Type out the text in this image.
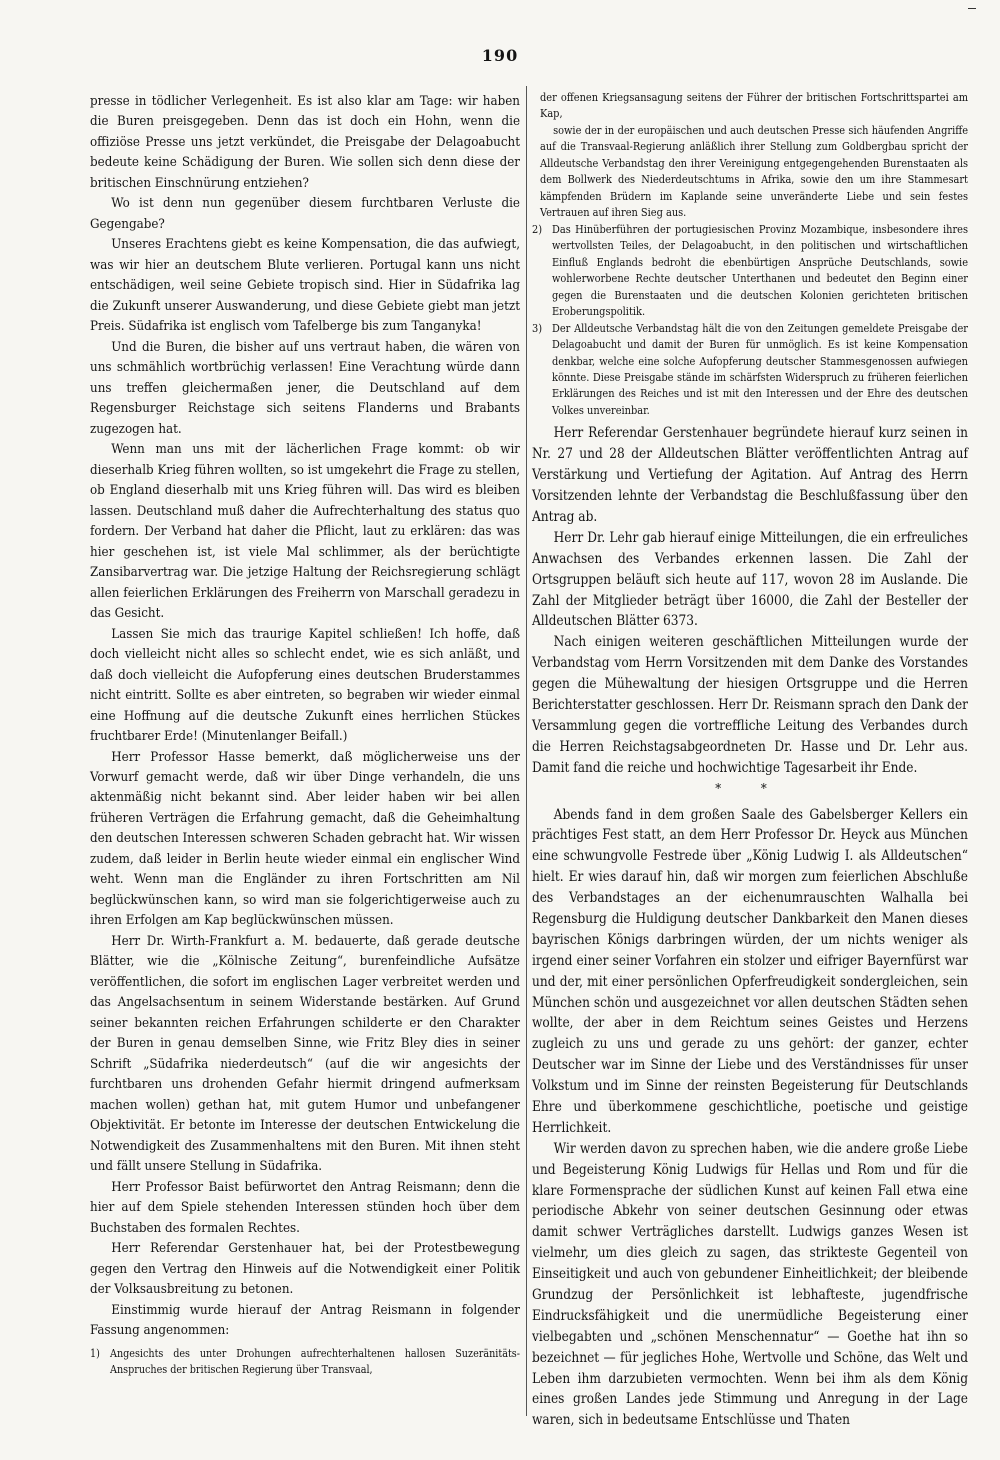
190

presse in tödlicher Verlegenheit. Es ist also klar am Tage: wir haben die Buren preisgegeben. Denn das ist doch ein Hohn, wenn die offiziöse Presse uns jetzt verkündet, die Preisgabe der Delagoabucht bedeute keine Schädigung der Buren. Wie sollen sich denn diese der britischen Einschnürung entziehen?

Wo ist denn nun gegenüber diesem furchtbaren Verluste die Gegengabe?

Unseres Erachtens giebt es keine Kompensation, die das aufwiegt, was wir hier an deutschem Blute verlieren. Portugal kann uns nicht entschädigen, weil seine Gebiete tropisch sind. Hier in Südafrika lag die Zukunft unserer Auswanderung, und diese Gebiete giebt man jetzt Preis. Südafrika ist englisch vom Tafelberge bis zum Tanganyka!

Und die Buren, die bisher auf uns vertraut haben, die wären von uns schmählich wortbrüchig verlassen! Eine Verachtung würde dann uns treffen gleichermaßen jener, die Deutschland auf dem Regensburger Reichstage sich seitens Flanderns und Brabants zugezogen hat.

Wenn man uns mit der lächerlichen Frage kommt: ob wir dieserhalb Krieg führen wollten, so ist umgekehrt die Frage zu stellen, ob England dieserhalb mit uns Krieg führen will. Das wird es bleiben lassen. Deutschland muß daher die Aufrechterhaltung des status quo fordern. Der Verband hat daher die Pflicht, laut zu erklären: das was hier geschehen ist, ist viele Mal schlimmer, als der berüchtigte Zansibarvertrag war. Die jetzige Haltung der Reichsregierung schlägt allen feierlichen Erklärungen des Freiherrn von Marschall geradezu in das Gesicht.

Lassen Sie mich das traurige Kapitel schließen! Ich hoffe, daß doch vielleicht nicht alles so schlecht endet, wie es sich anläßt, und daß doch vielleicht die Aufopferung eines deutschen Bruderstammes nicht eintritt. Sollte es aber eintreten, so begraben wir wieder einmal eine Hoffnung auf die deutsche Zukunft eines herrlichen Stückes fruchtbarer Erde! (Minutenlanger Beifall.)

Herr Professor Hasse bemerkt, daß möglicherweise uns der Vorwurf gemacht werde, daß wir über Dinge verhandeln, die uns aktenmäßig nicht bekannt sind. Aber leider haben wir bei allen früheren Verträgen die Erfahrung gemacht, daß die Geheimhaltung den deutschen Interessen schweren Schaden gebracht hat. Wir wissen zudem, daß leider in Berlin heute wieder einmal ein englischer Wind weht. Wenn man die Engländer zu ihren Fortschritten am Nil beglückwünschen kann, so wird man sie folgerichtigerweise auch zu ihren Erfolgen am Kap beglückwünschen müssen.

Herr Dr. Wirth-Frankfurt a. M. bedauerte, daß gerade deutsche Blätter, wie die „Kölnische Zeitung“, burenfeindliche Aufsätze veröffentlichen, die sofort im englischen Lager verbreitet werden und das Angelsachsentum in seinem Widerstande bestärken. Auf Grund seiner bekannten reichen Erfahrungen schilderte er den Charakter der Buren in genau demselben Sinne, wie Fritz Bley dies in seiner Schrift „Südafrika niederdeutsch“ (auf die wir angesichts der furchtbaren uns drohenden Gefahr hiermit dringend aufmerksam machen wollen) gethan hat, mit gutem Humor und unbefangener Objektivität. Er betonte im Interesse der deutschen Entwickelung die Notwendigkeit des Zusammenhaltens mit den Buren. Mit ihnen steht und fällt unsere Stellung in Südafrika.

Herr Professor Baist befürwortet den Antrag Reismann; denn die hier auf dem Spiele stehenden Interessen stünden hoch über dem Buchstaben des formalen Rechtes.

Herr Referendar Gerstenhauer hat, bei der Protestbewegung gegen den Vertrag den Hinweis auf die Notwendigkeit einer Politik der Volksausbreitung zu betonen.

Einstimmig wurde hierauf der Antrag Reismann in folgender Fassung angenommen:

1) Angesichts des unter Drohungen aufrechterhaltenen hallosen Suzeränitäts-Anspruches der britischen Regierung über Transvaal,
der offenen Kriegsansagung seitens der Führer der britischen Fortschrittspartei am Kap,
sowie der in der europäischen und auch deutschen Presse sich häufenden Angriffe auf die Transvaal-Regierung anläßlich ihrer Stellung zum Goldbergbau spricht der Alldeutsche Verbandstag den ihrer Vereinigung entgegengehenden Burenstaaten als dem Bollwerk des Niederdeutschtums in Afrika, sowie den um ihre Stammesart kämpfenden Brüdern im Kaplande seine unveränderte Liebe und sein festes Vertrauen auf ihren Sieg aus.
2) Das Hinüberführen der portugiesischen Provinz Mozambique, insbesondere ihres wertvollsten Teiles, der Delagoabucht, in den politischen und wirtschaftlichen Einfluß Englands bedroht die ebenbürtigen Ansprüche Deutschlands, sowie wohlerworbene Rechte deutscher Unterthanen und bedeutet den Beginn einer gegen die Burenstaaten und die deutschen Kolonien gerichteten britischen Eroberungspolitik.
3) Der Alldeutsche Verbandstag hält die von den Zeitungen gemeldete Preisgabe der Delagoabucht und damit der Buren für unmöglich. Es ist keine Kompensation denkbar, welche eine solche Aufopferung deutscher Stammesgenossen aufwiegen könnte. Diese Preisgabe stände im schärfsten Widerspruch zu früheren feierlichen Erklärungen des Reiches und ist mit den Interessen und der Ehre des deutschen Volkes unvereinbar.

Herr Referendar Gerstenhauer begründete hierauf kurz seinen in Nr. 27 und 28 der Alldeutschen Blätter veröffentlichten Antrag auf Verstärkung und Vertiefung der Agitation. Auf Antrag des Herrn Vorsitzenden lehnte der Verbandstag die Beschlußfassung über den Antrag ab.

Herr Dr. Lehr gab hierauf einige Mitteilungen, die ein erfreuliches Anwachsen des Verbandes erkennen lassen. Die Zahl der Ortsgruppen beläuft sich heute auf 117, wovon 28 im Auslande. Die Zahl der Mitglieder beträgt über 16000, die Zahl der Besteller der Alldeutschen Blätter 6373.

Nach einigen weiteren geschäftlichen Mitteilungen wurde der Verbandstag vom Herrn Vorsitzenden mit dem Danke des Vorstandes gegen die Mühewaltung der hiesigen Ortsgruppe und die Herren Berichterstatter geschlossen. Herr Dr. Reismann sprach den Dank der Versammlung gegen die vortreffliche Leitung des Verbandes durch die Herren Reichstagsabgeordneten Dr. Hasse und Dr. Lehr aus. Damit fand die reiche und hochwichtige Tagesarbeit ihr Ende.

* *

Abends fand in dem großen Saale des Gabelsberger Kellers ein prächtiges Fest statt, an dem Herr Professor Dr. Heyck aus München eine schwungvolle Festrede über „König Ludwig I. als Alldeutschen“ hielt. Er wies darauf hin, daß wir morgen zum feierlichen Abschluße des Verbandstages an der eichenumrauschten Walhalla bei Regensburg die Huldigung deutscher Dankbarkeit den Manen dieses bayrischen Königs darbringen würden, der um nichts weniger als irgend einer seiner Vorfahren ein stolzer und eifriger Bayernfürst war und der, mit einer persönlichen Opferfreudigkeit sondergleichen, sein München schön und ausgezeichnet vor allen deutschen Städten sehen wollte, der aber in dem Reichtum seines Geistes und Herzens zugleich zu uns und gerade zu uns gehört: der ganzer, echter Deutscher war im Sinne der Liebe und des Verständnisses für unser Volkstum und im Sinne der reinsten Begeisterung für Deutschlands Ehre und überkommene geschichtliche, poetische und geistige Herrlichkeit.

Wir werden davon zu sprechen haben, wie die andere große Liebe und Begeisterung König Ludwigs für Hellas und Rom und für die klare Formensprache der südlichen Kunst auf keinen Fall etwa eine periodische Abkehr von seiner deutschen Gesinnung oder etwas damit schwer Verträgliches darstellt. Ludwigs ganzes Wesen ist vielmehr, um dies gleich zu sagen, das strikteste Gegenteil von Einseitigkeit und auch von gebundener Einheitlichkeit; der bleibende Grundzug der Persönlichkeit ist lebhafteste, jugendfrische Eindrucksfähigkeit und die unermüdliche Begeisterung einer vielbegabten und „schönen Menschennatur“ — Goethe hat ihn so bezeichnet — für jegliches Hohe, Wertvolle und Schöne, das Welt und Leben ihm darzubieten vermochten. Wenn bei ihm als dem König eines großen Landes jede Stimmung und Anregung in der Lage waren, sich in bedeutsame Entschlüsse und Thaten
